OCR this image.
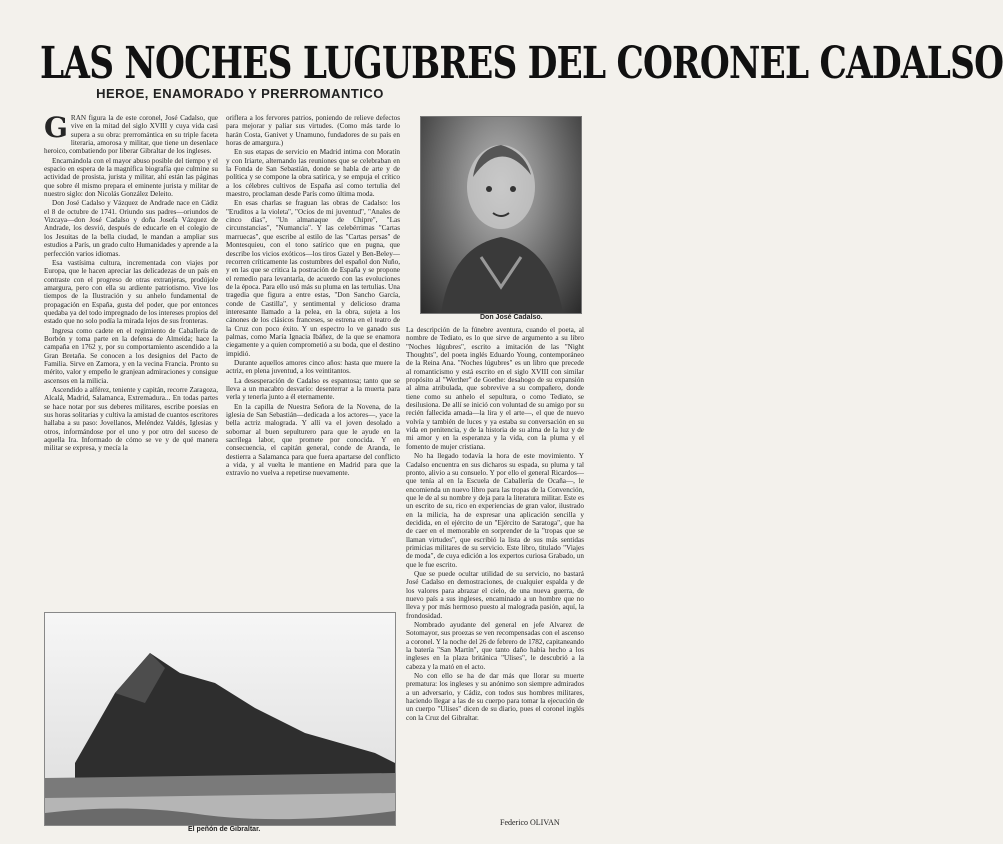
LAS NOCHES LUGUBRES DEL CORONEL CADALSO
HEROE, ENAMORADO Y PRERROMANTICO

GRAN figura la de este coronel, José Cadalso, que vive en la mitad del siglo XVIII y cuya vida casi supera a su obra: prerromántica en su triple faceta literaria, amorosa y militar, que tiene un desenlace heroico, combatiendo por liberar Gibraltar de los ingleses.

Encarnándola con el mayor abuso posible del tiempo y el espacio en espera de la magnífica biografía que culmine su actividad de prosista, jurista y militar, ahí están las páginas que sobre él mismo prepara el eminente jurista y militar de nuestro siglo: don Nicolás González Deleito.

Don José Cadalso y Vázquez de Andrade nace en Cádiz el 8 de octubre de 1741. Oriundo sus padres—oriundos de Vizcaya—don José Cadalso y doña Josefa Vázquez de Andrade, los desvió, después de educarle en el colegio de los Jesuitas de la bella ciudad, le mandan a ampliar sus estudios a París, un grado culto Humanidades y aprende a la perfección varios idiomas.

Esa vastísima cultura, incrementada con viajes por Europa, que le hacen apreciar las delicadezas de un país en contraste con el progreso de otras extranjeras, prodújole amargura, pero con ella su ardiente patriotismo. Vive los tiempos de la Ilustración y su anhelo fundamental de propagación en España, gusta del poder, que por entonces quedaba ya del todo impregnado de los intereses propios del estado que no solo podía la mirada lejos de sus fronteras.

Ingresa como cadete en el regimiento de Caballería de Borbón y toma parte en la defensa de Almeida; hace la campaña en 1762 y, por su comportamiento ascendido a la Gran Bretaña. Se conocen a los designios del Pacto de Familia. Sirve en Zamora, y en la vecina Francia. Pronto su mérito, valor y empeño le granjean admiraciones y consigue ascensos en la milicia.

Ascendido a alférez, teniente y capitán, recorre Zaragoza, Alcalá, Madrid, Salamanca, Extremadura... En todas partes se hace notar por sus deberes militares, escribe poesías en sus horas solitarias y cultiva la amistad de cuantos escritores hallaba a su paso: Jovellanos, Meléndez Valdés, Iglesias y otros, informándose por el uno y por otro del suceso de aquella Ira. Informado de cómo se ve y de qué manera militar se expresa, y mecía la

oriflera a los fervores patrios, poniendo de relieve defectos para mejorar y paliar sus virtudes. (Como más tarde lo harán Costa, Ganivet y Unamuno, fundadores de su país en horas de amargura.)

En sus etapas de servicio en Madrid intima con Moratín y con Iriarte, alternando las reuniones que se celebraban en la Fonda de San Sebastián, donde se habla de arte y de política y se compone la obra satírica, y se empuja el crítico a los célebres cultivos de España así como tertulia del maestro, proclaman desde París como última moda.

En esas charlas se fraguan las obras de Cadalso: los "Eruditos a la violeta", "Ocios de mi juventud", "Anales de cinco días", "Un almanaque de Chipre", "Las circunstancias", "Numancia". Y las celebérrimas "Cartas marruecas", que escribe al estilo de las "Cartas persas" de Montesquieu, con el tono satírico que en pugna, que describe los vicios exóticos—los tiros Gazel y Ben-Beley—recorren críticamente las costumbres del español don Nuño, y en las que se critica la postración de España y se propone el remedio para levantarla, de acuerdo con las evoluciones de la época. Para ello usó más su pluma en las tertulias. Una tragedia que figura a entre estas, "Don Sancho García, conde de Castilla", y sentimental y delicioso drama interesante llamado a la pelea, en la obra, sujeta a los cánones de los clásicos franceses, se estrena en el teatro de la Cruz con poco éxito. Y un espectro lo ve ganado sus palmas, como María Ignacia Ibáñez, de la que se enamora ciegamente y a quien comprometió a su boda, que el destino impidió.

Durante aquellos amores cinco años: hasta que muere la actriz, en plena juventud, a los veintitantos.

La desesperación de Cadalso es espantosa; tanto que se lleva a un macabro desvarío: desenterrar a la muerta para verla y tenerla junto a él eternamente.

En la capilla de Nuestra Señora de la Novena, de la iglesia de San Sebastián—dedicada a los actores—, yace la bella actriz malograda. Y allí va el joven desolado a sobornar al buen sepulturero para que le ayude en la sacrílega labor, que promete por conocida. Y en consecuencia, el capitán general, conde de Aranda, le destierra a Salamanca para que fuera apartarse del conflicto a vida, y al vuelta le mantiene en Madrid para que la extravío no vuelva a repetirse nuevamente.

Don José Cadalso.

La descripción de la fúnebre aventura, cuando el poeta, al nombre de Tediato, es lo que sirve de argumento a su libro "Noches lúgubres", escrito a imitación de las "Night Thoughts", del poeta inglés Eduardo Young, contemporáneo de la Reina Ana. "Noches lúgubres" es un libro que precede al romanticismo y está escrito en el siglo XVIII con similar propósito al "Werther" de Goethe: desahogo de su expansión al alma atribulada, que sobrevive a su compañero, donde tiene como su anhelo el sepultura, o como Tediato, se desilusiona. De allí se inició con voluntad de su amigo por su recién fallecida amada—la lira y el arte—, el que de nuevo volvía y también de luces y ya estaba su conversación en su vida en penitencia, y de la historia de su alma de la luz y de mi amor y en la esperanza y la vida, con la pluma y el fomento de mujer cristiana.

No ha llegado todavía la hora de este movimiento. Y Cadalso encuentra en sus dicharos su espada, su pluma y tal pronto, alivio a su consuelo. Y por ello el general Ricardos—que tenía al en la Escuela de Caballería de Ocaña—, le encomienda un nuevo libro para las tropas de la Convención, que le de al su nombre y deja para la literatura militar. Este es un escrito de su, rico en experiencias de gran valor, ilustrado en la milicia, ha de expresar una aplicación sencilla y decidida, en el ejército de un "Ejército de Saratoga", que ha de caer en el memorable en sorprender de la "tropas que se llaman virtudes", que escribió la lista de sus más sentidas primicias militares de su servicio. Este libro, titulado "Viajes de moda", de cuya edición a los expertos curiosa Grabado, un que le fue escrito.

Que se puede ocultar utilidad de su servicio, no bastará José Cadalso en demostraciones, de cualquier espalda y de los valores para abrazar el cielo, de una nueva guerra, de nuevo país a sus ingleses, encaminado a un hombre que no lleva y por más hermoso puesto al malograda pasión, aquí, la frondosidad.

Nombrado ayudante del general en jefe Alvarez de Sotomayor, sus proezas se ven recompensadas con el ascenso a coronel. Y la noche del 26 de febrero de 1782, capitaneando la batería "San Martín", que tanto daño había hecho a los ingleses en la plaza británica "Ulises", le descubrió a la cabeza y la mató en el acto.

No con ello se ha de dar más que llorar su muerte prematura: los ingleses y su anónimo son siempre admirados a un adversario, y Cádiz, con todos sus hombres militares, haciendo llegar a las de su cuerpo para tomar la ejecución de un cuerpo "Ulises" dicen de su diario, pues el coronel inglés con la Cruz del Gibraltar.

El peñón de Gibraltar.
Federico OLIVAN
